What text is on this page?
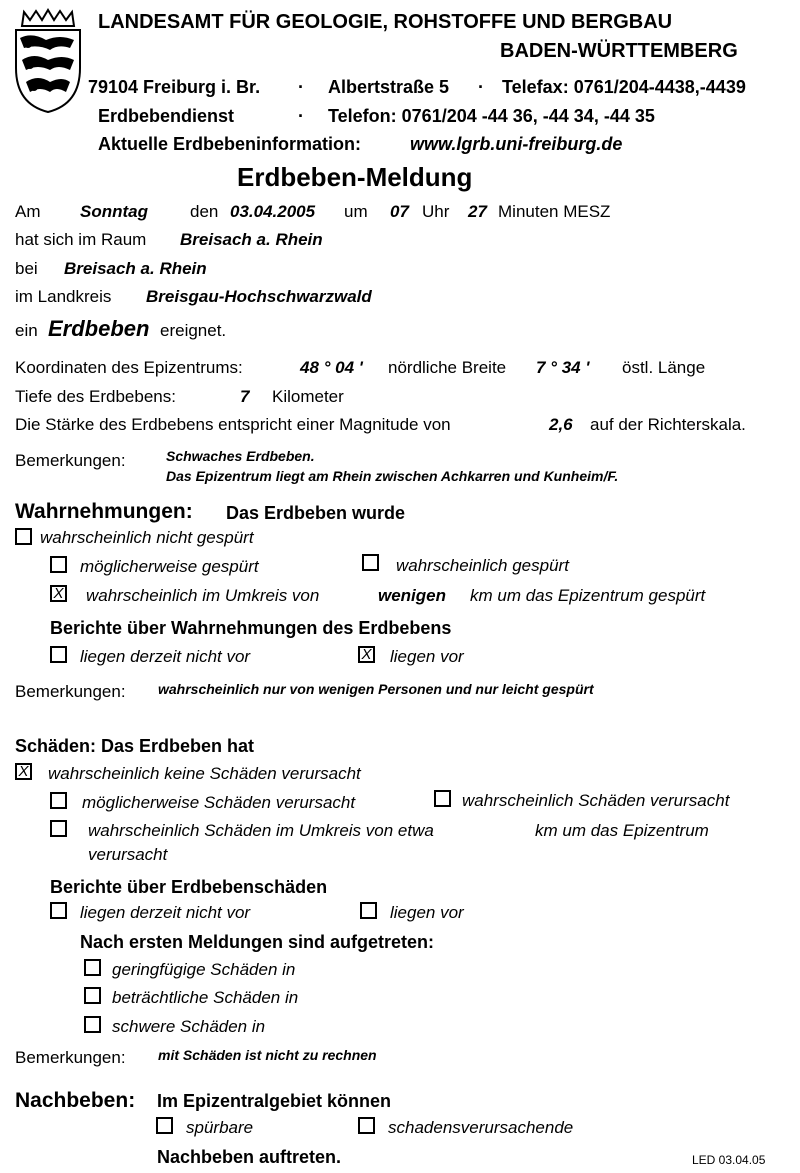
LANDESAMT FÜR GEOLOGIE, ROHSTOFFE UND BERGBAU
BADEN-WÜRTTEMBERG
79104 Freiburg i. Br. · Albertstraße 5 · Telefax: 0761/204-4438,-4439
Erdbebendienst	· Telefon: 0761/204 -44 36, -44 34, -44 35
Aktuelle Erdbebeninformation:	www.lgrb.uni-freiburg.de
Erdbeben-Meldung
Am Sonntag den 03.04.2005 um 07 Uhr 27 Minuten MESZ
hat sich im Raum Breisach a. Rhein
bei Breisach a. Rhein
im Landkreis Breisgau-Hochschwarzwald
ein Erdbeben ereignet.
Koordinaten des Epizentrums:	48 ° 04 ' nördliche Breite 7 ° 34 ' östl. Länge
Tiefe des Erdbebens:	7 Kilometer
Die Stärke des Erdbebens entspricht einer Magnitude von	2,6 auf der Richterskala.
Bemerkungen:	Schwaches Erdbeben.
Das Epizentrum liegt am Rhein zwischen Achkarren und Kunheim/F.
Wahrnehmungen: Das Erdbeben wurde
wahrscheinlich nicht gespürt
möglicherweise gespürt	wahrscheinlich gespürt
X wahrscheinlich im Umkreis von	wenigen km um das Epizentrum gespürt
Berichte über Wahrnehmungen des Erdbebens
liegen derzeit nicht vor	X liegen vor
Bemerkungen: wahrscheinlich nur von wenigen Personen und nur leicht gespürt
Schäden: Das Erdbeben hat
X wahrscheinlich keine Schäden verursacht
möglicherweise Schäden verursacht	wahrscheinlich Schäden verursacht
wahrscheinlich Schäden im Umkreis von etwa	km um das Epizentrum
verursacht
Berichte über Erdbebenschäden
liegen derzeit nicht vor	liegen vor
Nach ersten Meldungen sind aufgetreten:
geringfügige Schäden in
beträchtliche Schäden in
schwere Schäden in
Bemerkungen: mit Schäden ist nicht zu rechnen
Nachbeben: Im Epizentralgebiet können
spürbare	schadensverursachende
Nachbeben auftreten.	LED 03.04.05
